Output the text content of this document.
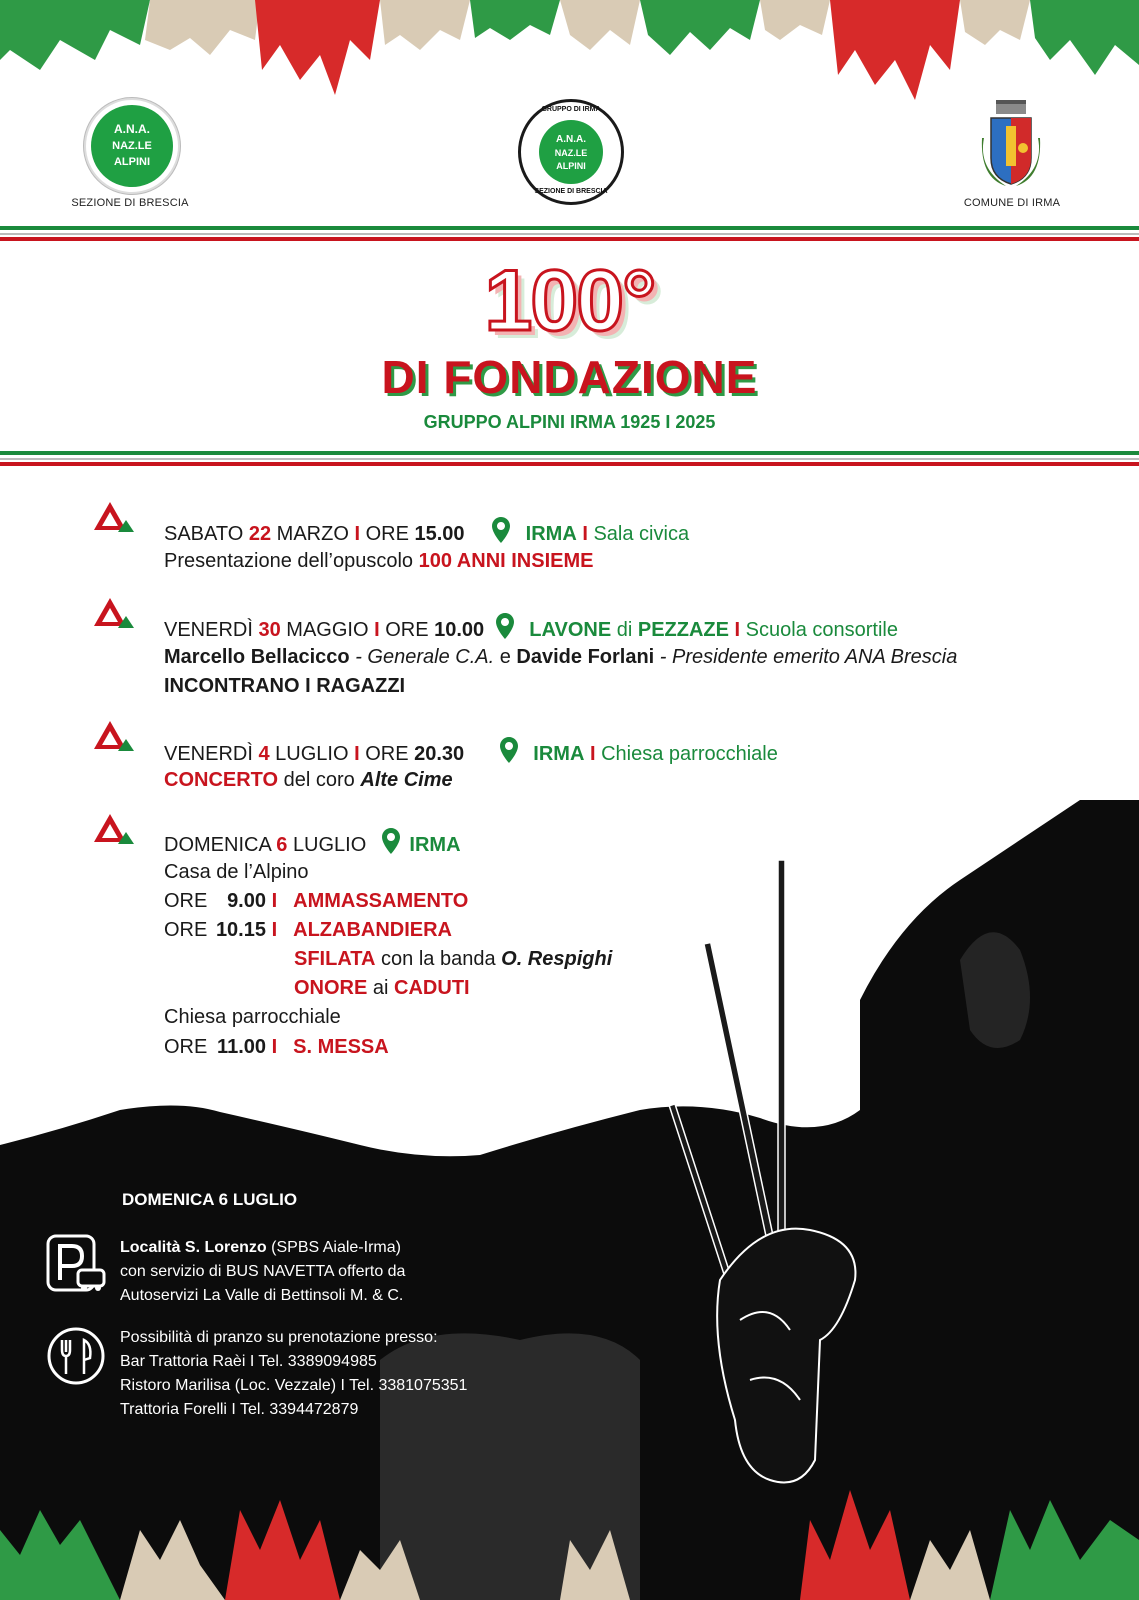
A.N.A.
NAZ.LE
ALPINI
SEZIONE DI BRESCIA
GRUPPO DI IRMA
SEZIONE DI BRESCIA
A.N.A.
NAZ.LE
ALPINI
COMUNE DI IRMA
100°
DI FONDAZIONE
GRUPPO ALPINI IRMA 1925 I 2025
SABATO 22 MARZO I ORE 15.00	IRMA I Sala civica
Presentazione dell’opuscolo 100 ANNI INSIEME
VENERDÌ 30 MAGGIO I ORE 10.00 LAVONE di PEZZAZE I Scuola consortile
Marcello Bellacicco - Generale C.A. e Davide Forlani - Presidente emerito ANA Brescia
INCONTRANO I RAGAZZI
VENERDÌ 4 LUGLIO I ORE 20.30	IRMA I Chiesa parrocchiale
CONCERTO del coro Alte Cime
DOMENICA 6 LUGLIO IRMA
Casa de l’Alpino
ORE 9.00 I AMMASSAMENTO
ORE 10.15 I ALZABANDIERA
SFILATA con la banda O. Respighi
ONORE ai CADUTI
Chiesa parrocchiale
ORE 11.00 I S. MESSA
DOMENICA 6 LUGLIO
Località S. Lorenzo (SPBS Aiale-Irma)
con servizio di BUS NAVETTA offerto da
Autoservizi La Valle di Bettinsoli M. & C.
Possibilità di pranzo su prenotazione presso:
Bar Trattoria Raèi I Tel. 3389094985
Ristoro Marilisa (Loc. Vezzale) I Tel. 3381075351
Trattoria Forelli I Tel. 3394472879
